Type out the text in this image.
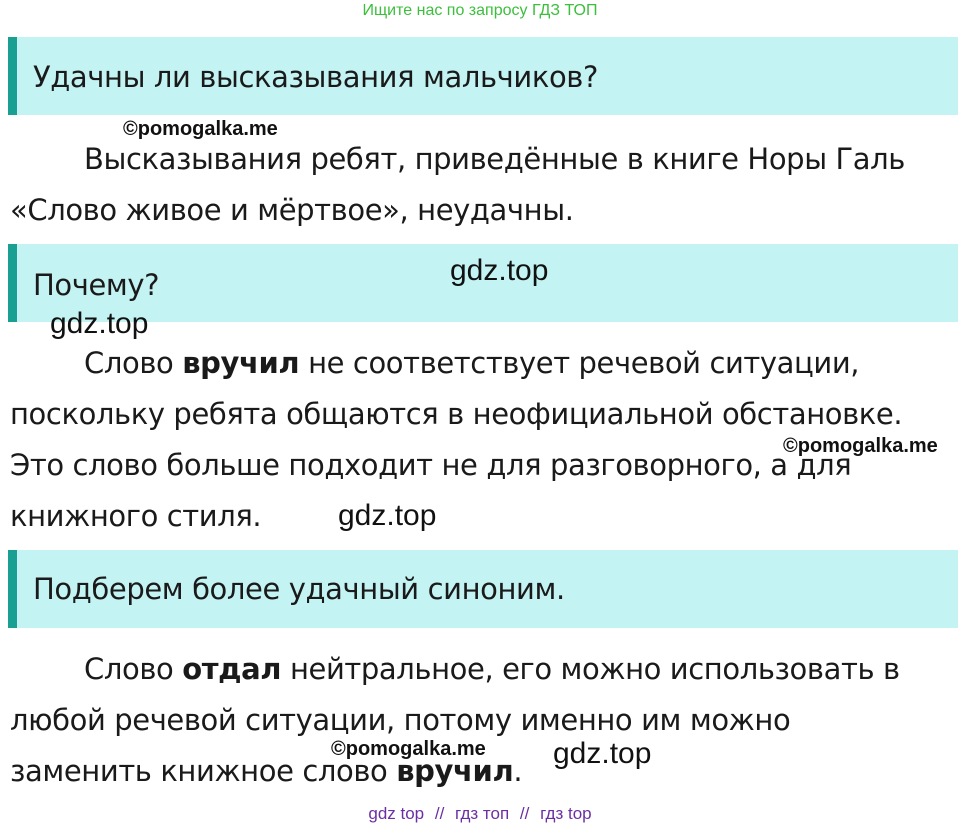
Ищите нас по запросу ГДЗ ТОП
Удачны ли высказывания мальчиков?
©pomogalka.me
Высказывания ребят, приведённые в книге Норы Галь
«Слово живое и мёртвое», неудачны.
Почему?	gdz.top
gdz.top
Слово вручил не соответствует речевой ситуации,
поскольку ребята общаются в неофициальной обстановке.
©pomogalka.me
Это слово больше подходит не для разговорного, а для
книжного стиля.	gdz.top
Подберем более удачный синоним.
Слово отдал нейтральное, его можно использовать в
любой речевой ситуации, потому именно им можно
©pomogalka.me gdz.top
заменить книжное слово вручил.
gdz top // гдз топ // гдз top
